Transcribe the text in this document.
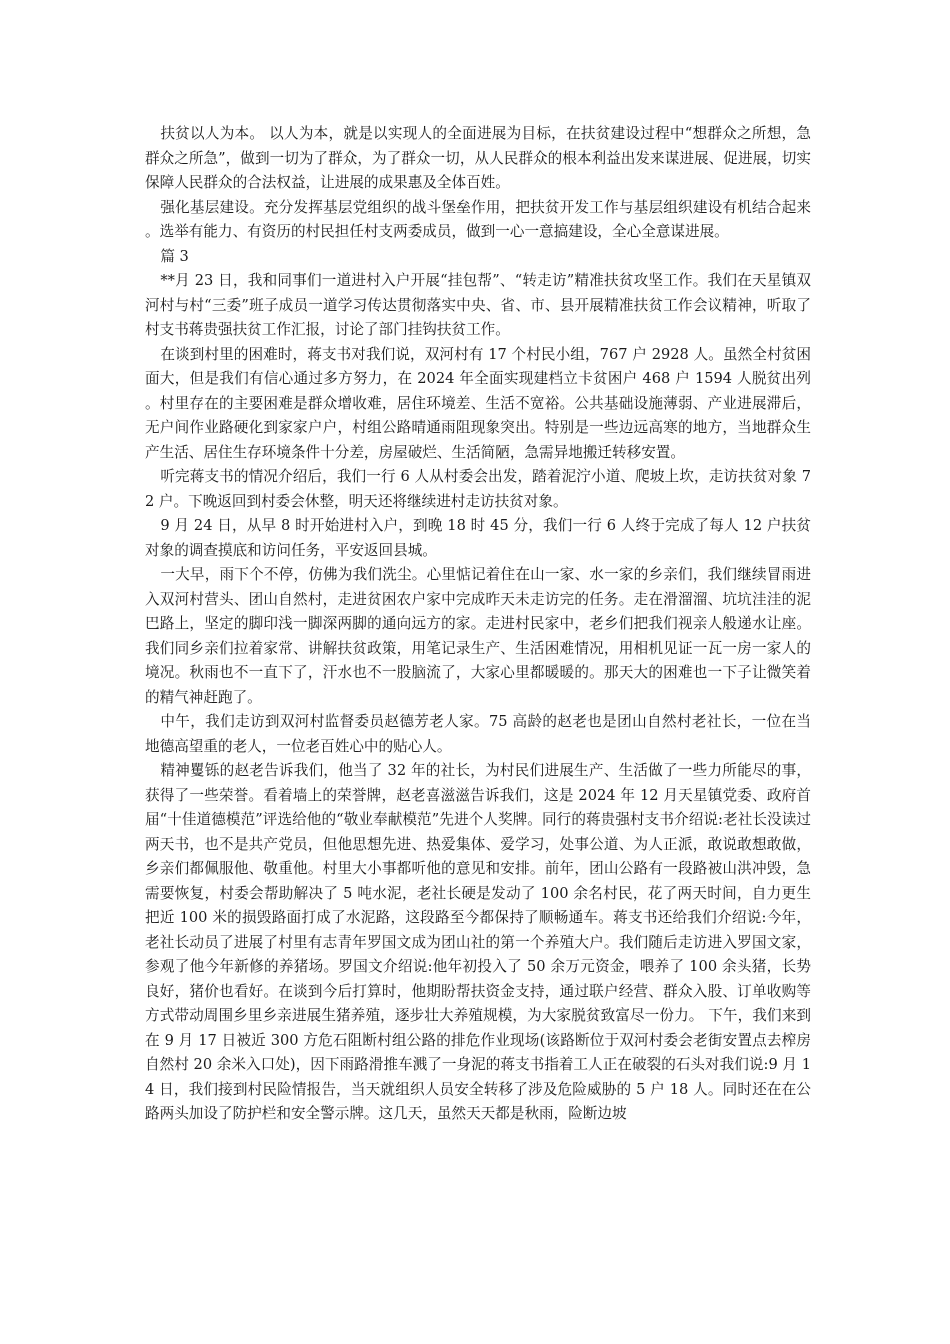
扶贫以人为本。 以人为本，就是以实现人的全面进展为目标，在扶贫建设过程中“想群众之所想，急群众之所急”，做到一切为了群众，为了群众一切，从人民群众的根本利益出发来谋进展、促进展，切实保障人民群众的合法权益，让进展的成果惠及全体百姓。

强化基层建设。充分发挥基层党组织的战斗堡垒作用，把扶贫开发工作与基层组织建设有机结合起来。选举有能力、有资历的村民担任村支两委成员，做到一心一意搞建设，全心全意谋进展。

篇 3

**月 23 日，我和同事们一道进村入户开展“挂包帮”、“转走访”精准扶贫攻坚工作。我们在天星镇双河村与村“三委”班子成员一道学习传达贯彻落实中央、省、市、县开展精准扶贫工作会议精神，听取了村支书蒋贵强扶贫工作汇报，讨论了部门挂钩扶贫工作。

在谈到村里的困难时，蒋支书对我们说，双河村有 17 个村民小组，767 户 2928 人。虽然全村贫困面大，但是我们有信心通过多方努力，在 2024 年全面实现建档立卡贫困户 468 户 1594 人脱贫出列。村里存在的主要困难是群众增收难，居住环境差、生活不宽裕。公共基础设施薄弱、产业进展滞后，无户间作业路硬化到家家户户，村组公路晴通雨阻现象突出。特别是一些边远高寒的地方，当地群众生产生活、居住生存环境条件十分差，房屋破烂、生活简陋，急需异地搬迁转移安置。

听完蒋支书的情况介绍后，我们一行 6 人从村委会出发，踏着泥泞小道、爬坡上坎，走访扶贫对象 72 户。下晚返回到村委会休整，明天还将继续进村走访扶贫对象。

9 月 24 日，从早 8 时开始进村入户，到晚 18 时 45 分，我们一行 6 人终于完成了每人 12 户扶贫对象的调查摸底和访问任务，平安返回县城。

一大早，雨下个不停，仿佛为我们洗尘。心里惦记着住在山一家、水一家的乡亲们，我们继续冒雨进入双河村营头、团山自然村，走进贫困农户家中完成昨天未走访完的任务。走在滑溜溜、坑坑洼洼的泥巴路上，坚定的脚印浅一脚深两脚的通向远方的家。走进村民家中，老乡们把我们视亲人般递水让座。我们同乡亲们拉着家常、讲解扶贫政策，用笔记录生产、生活困难情况，用相机见证一瓦一房一家人的境况。秋雨也不一直下了，汗水也不一股脑流了，大家心里都暖暖的。那天大的困难也一下子让微笑着的精气神赶跑了。

中午，我们走访到双河村监督委员赵德芳老人家。75 高龄的赵老也是团山自然村老社长，一位在当地德高望重的老人，一位老百姓心中的贴心人。

精神矍铄的赵老告诉我们，他当了 32 年的社长，为村民们进展生产、生活做了一些力所能尽的事，获得了一些荣誉。看着墙上的荣誉牌，赵老喜滋滋告诉我们，这是 2024 年 12 月天星镇党委、政府首届“十佳道德模范”评选给他的“敬业奉献模范”先进个人奖牌。同行的蒋贵强村支书介绍说:老社长没读过两天书，也不是共产党员，但他思想先进、热爱集体、爱学习，处事公道、为人正派，敢说敢想敢做，乡亲们都佩服他、敬重他。村里大小事都听他的意见和安排。前年，团山公路有一段路被山洪冲毁，急需要恢复，村委会帮助解决了 5 吨水泥，老社长硬是发动了 100 余名村民，花了两天时间，自力更生把近 100 米的损毁路面打成了水泥路，这段路至今都保持了顺畅通车。蒋支书还给我们介绍说:今年，老社长动员了进展了村里有志青年罗国文成为团山社的第一个养殖大户。我们随后走访进入罗国文家，参观了他今年新修的养猪场。罗国文介绍说:他年初投入了 50 余万元资金，喂养了 100 余头猪，长势良好，猪价也看好。在谈到今后打算时，他期盼帮扶资金支持，通过联户经营、群众入股、订单收购等方式带动周围乡里乡亲进展生猪养殖，逐步壮大养殖规模，为大家脱贫致富尽一份力。 下午，我们来到在 9 月 17 日被近 300 方危石阻断村组公路的排危作业现场(该路断位于双河村委会老街安置点去榨房自然村 20 余米入口处)，因下雨路滑推车溅了一身泥的蒋支书指着工人正在破裂的石头对我们说:9 月 14 日，我们接到村民险情报告，当天就组织人员安全转移了涉及危险威胁的 5 户 18 人。同时还在在公路两头加设了防护栏和安全警示牌。这几天，虽然天天都是秋雨，险断边坡
